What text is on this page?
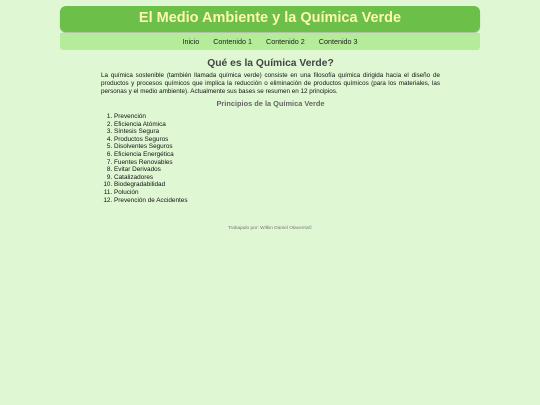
El Medio Ambiente y la Química Verde
Inicio Contenido 1 Contenido 2 Contenido 3
Qué es la Química Verde?

La química sostenible (también llamada química verde) consiste en una filosofía química dirigida hacia el diseño de productos y procesos químicos que implica la reducción o eliminación de productos químicos (para los materiales, las personas y el medio ambiente). Actualmente sus bases se resumen en 12 principios.

Principios de la Química Verde
1. Prevención
2. Eficiencia Atómica
3. Síntesis Segura
4. Productos Seguros
5. Disolventes Seguros
6. Eficiencia Energética
7. Fuentes Renovables
8. Evitar Derivados
9. Catalizadores
10. Biodegradabilidad
11. Polución
12. Prevención de Accidentes
Trabajado por: Wilkin Daniel Olaverria©
